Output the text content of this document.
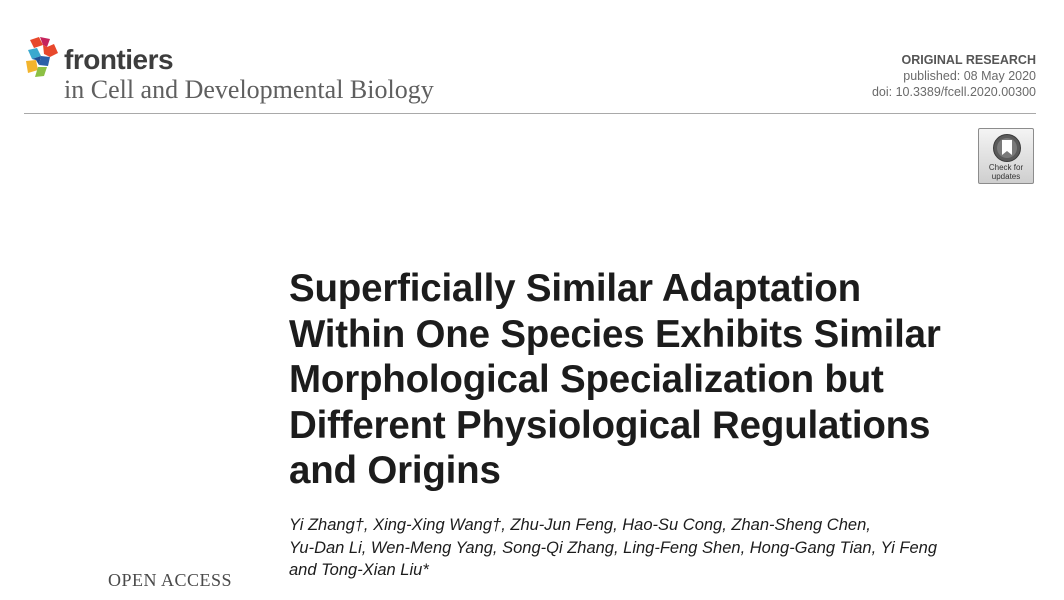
frontiers
in Cell and Developmental Biology
ORIGINAL RESEARCH
published: 08 May 2020
doi: 10.3389/fcell.2020.00300
Check for
updates
Superficially Similar Adaptation
Within One Species Exhibits Similar
Morphological Specialization but
Different Physiological Regulations
and Origins

Yi Zhang†, Xing-Xing Wang†, Zhu-Jun Feng, Hao-Su Cong, Zhan-Sheng Chen,
Yu-Dan Li, Wen-Meng Yang, Song-Qi Zhang, Ling-Feng Shen, Hong-Gang Tian, Yi Feng
and Tong-Xian Liu*

OPEN ACCESS
